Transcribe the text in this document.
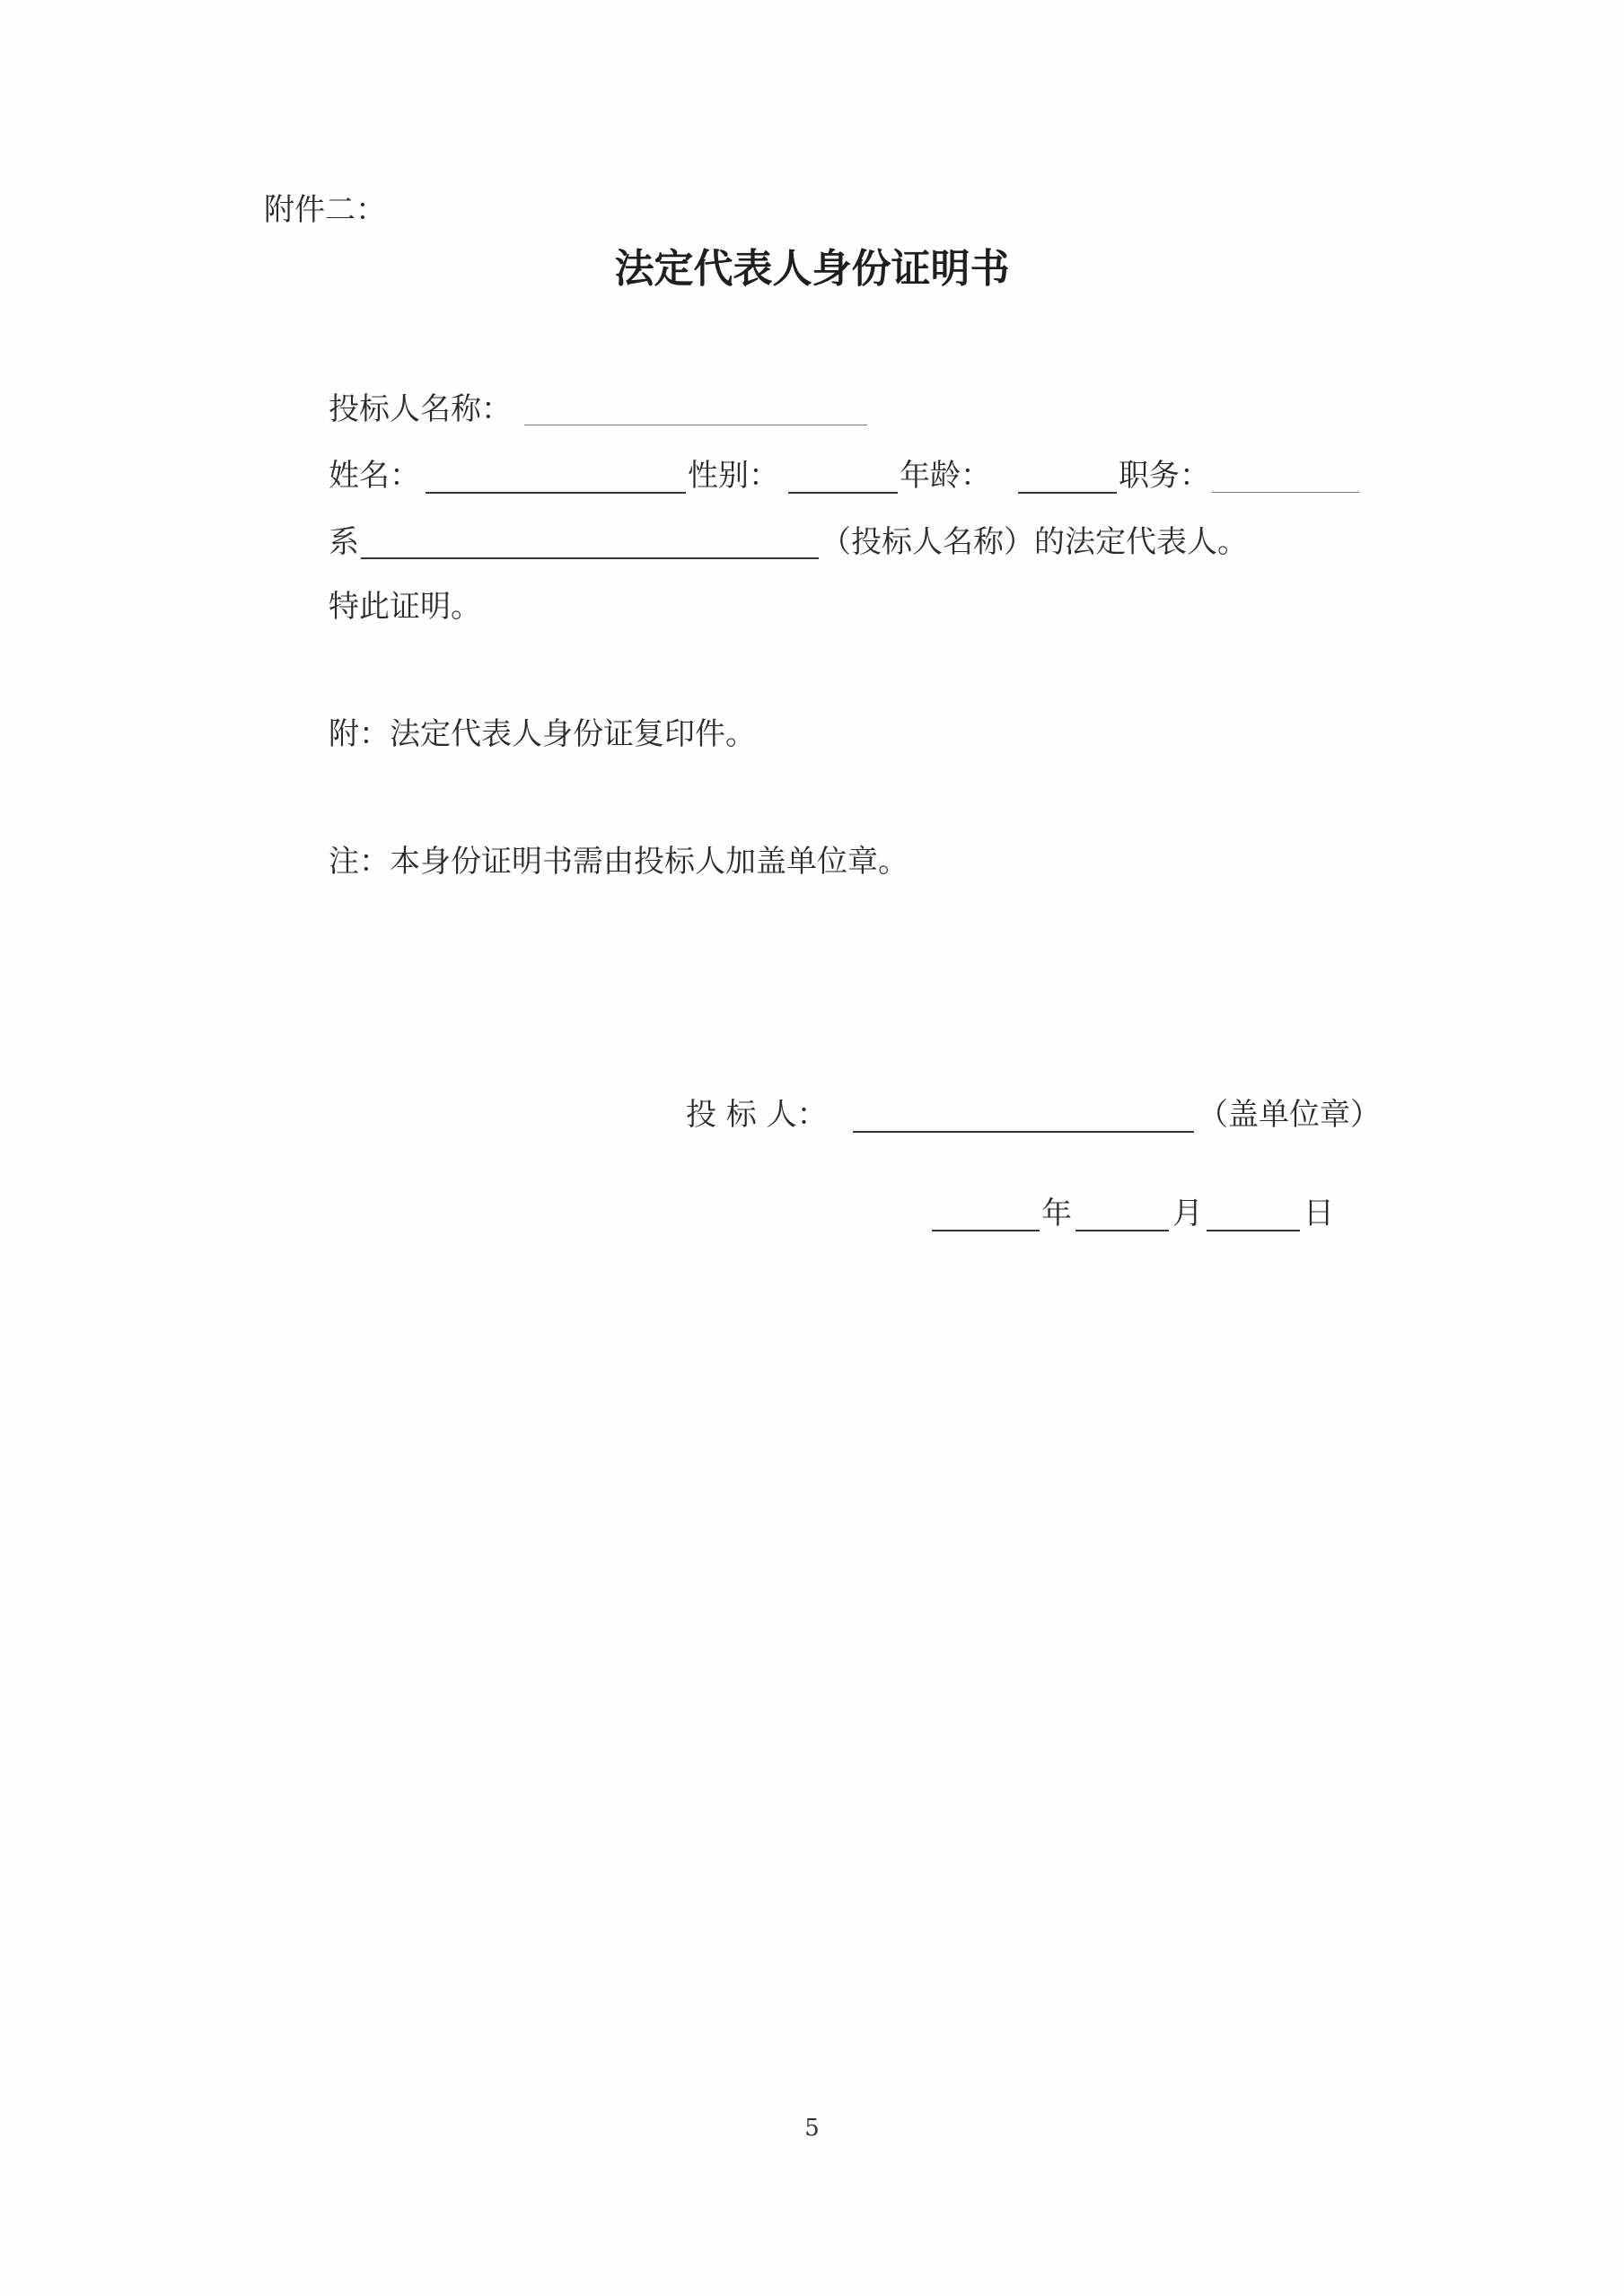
附件二：
法定代表人身份证明书
投标人名称：
姓名：	性别：	年龄：	职务：
系	（投标人名称）的法定代表人。
特此证明。
附：法定代表人身份证复印件。
注：本身份证明书需由投标人加盖单位章。
投 标 人：	（盖单位章）
年	月	日
5
